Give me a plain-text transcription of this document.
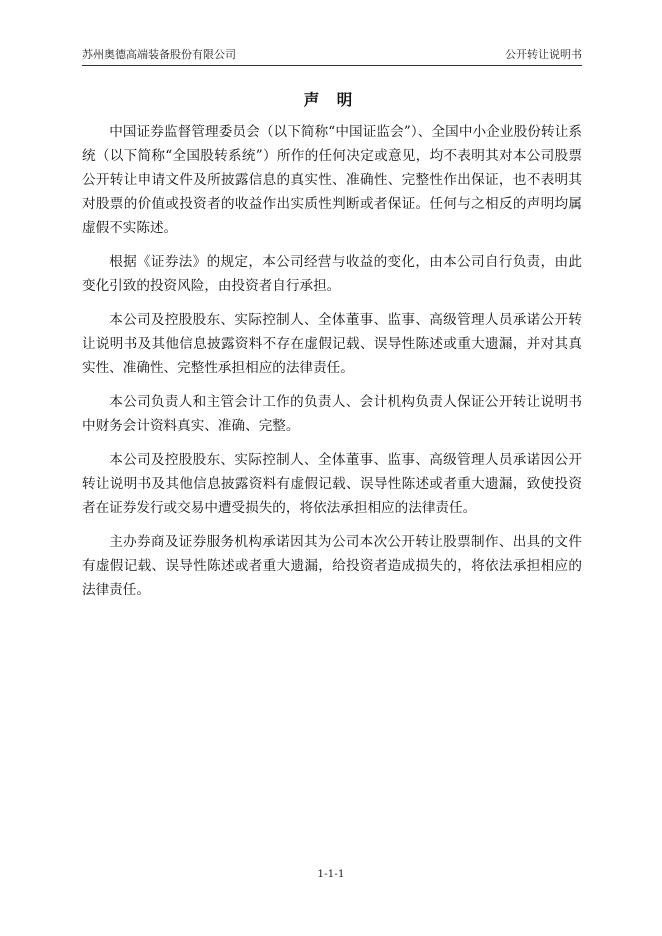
苏州奥德高端装备股份有限公司	公开转让说明书
声 明

中国证券监督管理委员会（以下简称“中国证监会”）、全国中小企业股份转让系统（以下简称“全国股转系统”）所作的任何决定或意见，均不表明其对本公司股票公开转让申请文件及所披露信息的真实性、准确性、完整性作出保证，也不表明其对股票的价值或投资者的收益作出实质性判断或者保证。任何与之相反的声明均属虚假不实陈述。

根据《证券法》的规定，本公司经营与收益的变化，由本公司自行负责，由此变化引致的投资风险，由投资者自行承担。

本公司及控股股东、实际控制人、全体董事、监事、高级管理人员承诺公开转让说明书及其他信息披露资料不存在虚假记载、误导性陈述或重大遗漏，并对其真实性、准确性、完整性承担相应的法律责任。

本公司负责人和主管会计工作的负责人、会计机构负责人保证公开转让说明书中财务会计资料真实、准确、完整。

本公司及控股股东、实际控制人、全体董事、监事、高级管理人员承诺因公开转让说明书及其他信息披露资料有虚假记载、误导性陈述或者重大遗漏，致使投资者在证券发行或交易中遭受损失的，将依法承担相应的法律责任。

主办券商及证券服务机构承诺因其为公司本次公开转让股票制作、出具的文件有虚假记载、误导性陈述或者重大遗漏，给投资者造成损失的，将依法承担相应的法律责任。

1-1-1
